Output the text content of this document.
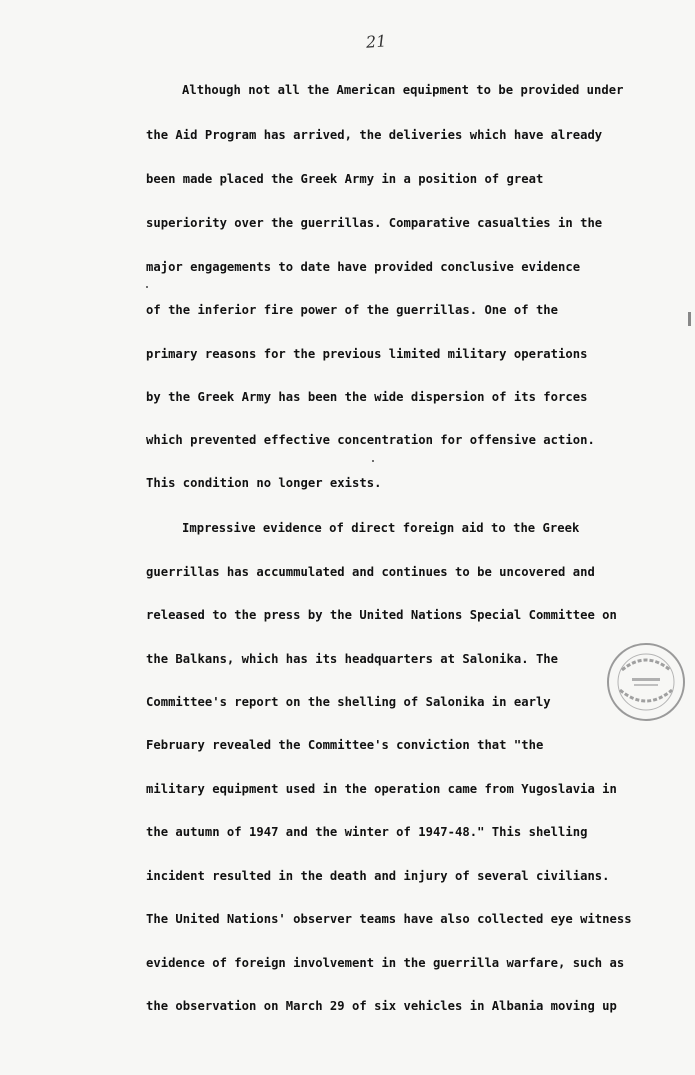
21
Although not all the American equipment to be provided under
the Aid Program has arrived, the deliveries which have already
been made placed the Greek Army in a position of great
superiority over the guerrillas. Comparative casualties in the
major engagements to date have provided conclusive evidence
of the inferior fire power of the guerrillas. One of the
primary reasons for the previous limited military operations
by the Greek Army has been the wide dispersion of its forces
which prevented effective concentration for offensive action.
This condition no longer exists.
Impressive evidence of direct foreign aid to the Greek
guerrillas has accummulated and continues to be uncovered and
released to the press by the United Nations Special Committee on
the Balkans, which has its headquarters at Salonika. The
Committee's report on the shelling of Salonika in early
February revealed the Committee's conviction that "the
military equipment used in the operation came from Yugoslavia in
the autumn of 1947 and the winter of 1947-48." This shelling
incident resulted in the death and injury of several civilians.
The United Nations' observer teams have also collected eye witness
evidence of foreign involvement in the guerrilla warfare, such as
the observation on March 29 of six vehicles in Albania moving up
